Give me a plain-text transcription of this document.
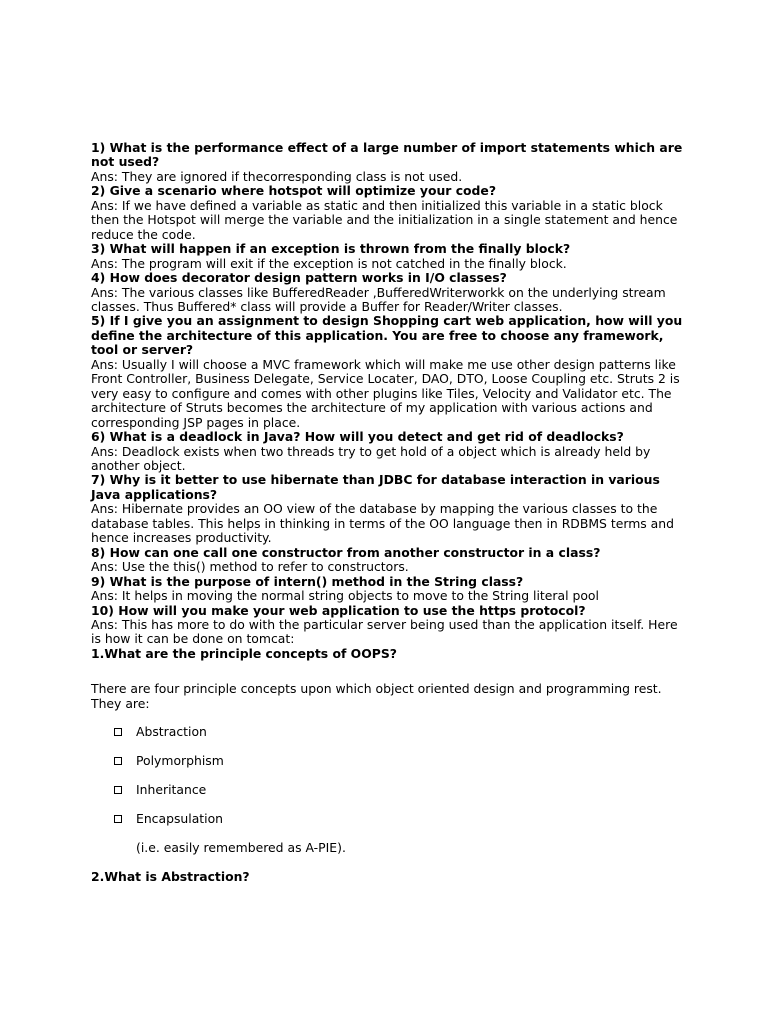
1) What is the performance effect of a large number of import statements which are not used?

Ans: They are ignored if thecorresponding class is not used.

2) Give a scenario where hotspot will optimize your code?

Ans: If we have defined a variable as static and then initialized this variable in a static block then the Hotspot will merge the variable and the initialization in a single statement and hence reduce the code.

3) What will happen if an exception is thrown from the finally block?

Ans: The program will exit if the exception is not catched in the finally block.

4) How does decorator design pattern works in I/O classes?

Ans: The various classes like BufferedReader ,BufferedWriterworkk on the underlying stream classes. Thus Buffered* class will provide a Buffer for Reader/Writer classes.

5) If I give you an assignment to design Shopping cart web application, how will you define the architecture of this application. You are free to choose any framework, tool or server?

Ans: Usually I will choose a MVC framework which will make me use other design patterns like Front Controller, Business Delegate, Service Locater, DAO, DTO, Loose Coupling etc. Struts 2 is very easy to configure and comes with other plugins like Tiles, Velocity and Validator etc. The architecture of Struts becomes the architecture of my application with various actions and corresponding JSP pages in place.

6) What is a deadlock in Java? How will you detect and get rid of deadlocks?

Ans: Deadlock exists when two threads try to get hold of a object which is already held by another object.

7) Why is it better to use hibernate than JDBC for database interaction in various Java applications?

Ans: Hibernate provides an OO view of the database by mapping the various classes to the database tables. This helps in thinking in terms of the OO language then in RDBMS terms and hence increases productivity.

8) How can one call one constructor from another constructor in a class?

Ans: Use the this() method to refer to constructors.

9) What is the purpose of intern() method in the String class?

Ans: It helps in moving the normal string objects to move to the String literal pool

10) How will you make your web application to use the https protocol?

Ans: This has more to do with the particular server being used than the application itself. Here is how it can be done on tomcat:

1.What are the principle concepts of OOPS?

There are four principle concepts upon which object oriented design and programming rest. They are:

Abstraction
Polymorphism
Inheritance
Encapsulation

(i.e. easily remembered as A-PIE).

2.What is Abstraction?
